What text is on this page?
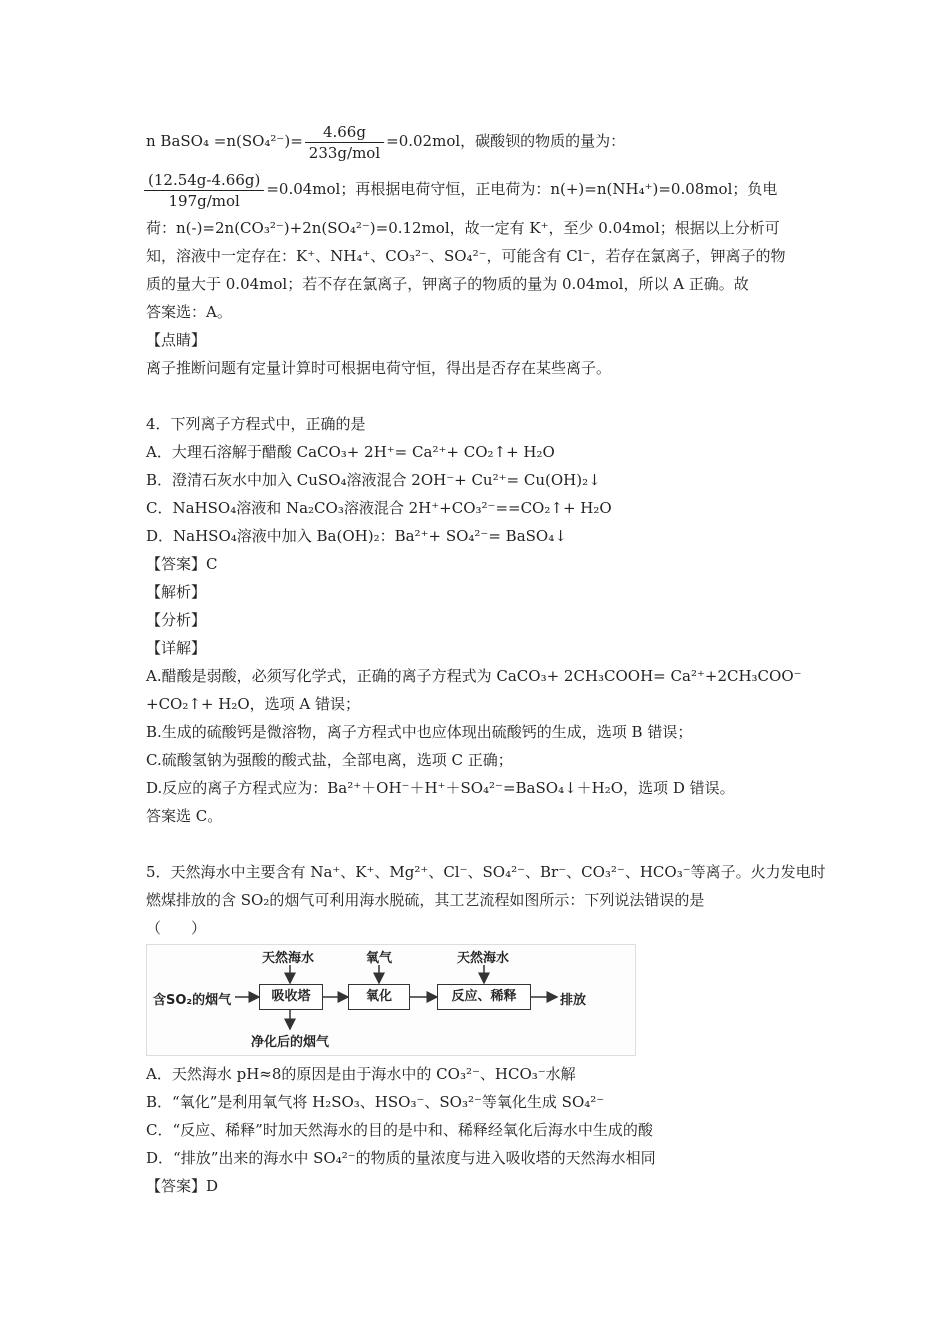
n BaSO₄ $=n(SO_4^{2-})= \frac{4.66g}{\text{233g/mol}} =0.02mol$，碳酸钡的物质的量为：
$\frac{(12.54g-4.66g)}{\text{197g/mol}} =0.04mol$；再根据电荷守恒，正电荷为：n(+)=n(NH₄⁺)=0.08mol；负电
荷：n(-)=2n(CO₃²⁻)+2n(SO₄²⁻)=0.12mol，故一定有 K⁺，至少 0.04mol；根据以上分析可
知，溶液中一定存在：K⁺、NH₄⁺、CO₃²⁻、SO₄²⁻，可能含有 Cl⁻，若存在氯离子，钾离子的物
质的量大于 0.04mol；若不存在氯离子，钾离子的物质的量为 0.04mol，所以 A 正确。故
答案选：A。
【点睛】
离子推断问题有定量计算时可根据电荷守恒，得出是否存在某些离子。
4．下列离子方程式中，正确的是
A．大理石溶解于醋酸 CaCO₃+ 2H⁺= Ca²⁺+ CO₂↑+ H₂O
B．澄清石灰水中加入 CuSO₄溶液混合 2OH⁻+ Cu²⁺= Cu(OH)₂↓
C．NaHSO₄溶液和 Na₂CO₃溶液混合 2H⁺+CO₃²⁻==CO₂↑+ H₂O
D．NaHSO₄溶液中加入 Ba(OH)₂：Ba²⁺+ SO₄²⁻= BaSO₄↓
【答案】C
【解析】
【分析】
【详解】
A.醋酸是弱酸，必须写化学式，正确的离子方程式为 CaCO₃+ 2CH₃COOH= Ca²⁺+2CH₃COO⁻
+CO₂↑+ H₂O，选项 A 错误；
B.生成的硫酸钙是微溶物，离子方程式中也应体现出硫酸钙的生成，选项 B 错误；
C.硫酸氢钠为强酸的酸式盐，全部电离，选项 C 正确；
D.反应的离子方程式应为：Ba²⁺＋OH⁻＋H⁺＋SO₄²⁻=BaSO₄↓＋H₂O，选项 D 错误。
答案选 C。
5．天然海水中主要含有 Na⁺、K⁺、Mg²⁺、Cl⁻、SO₄²⁻、Br⁻、CO₃²⁻、HCO₃⁻等离子。火力发电时
燃煤排放的含 SO₂的烟气可利用海水脱硫，其工艺流程如图所示：下列说法错误的是
（　　）
含SO₂的烟气	吸收塔
天然海水
净化后的烟气
氧化
氧气
反应、稀释
天然海水
排放
A．天然海水 pH≈8的原因是由于海水中的 CO₃²⁻、HCO₃⁻水解
B．“氧化”是利用氧气将 H₂SO₃、HSO₃⁻、SO₃²⁻等氧化生成 SO₄²⁻
C．“反应、稀释”时加天然海水的目的是中和、稀释经氧化后海水中生成的酸
D．“排放”出来的海水中 SO₄²⁻的物质的量浓度与进入吸收塔的天然海水相同
【答案】D
